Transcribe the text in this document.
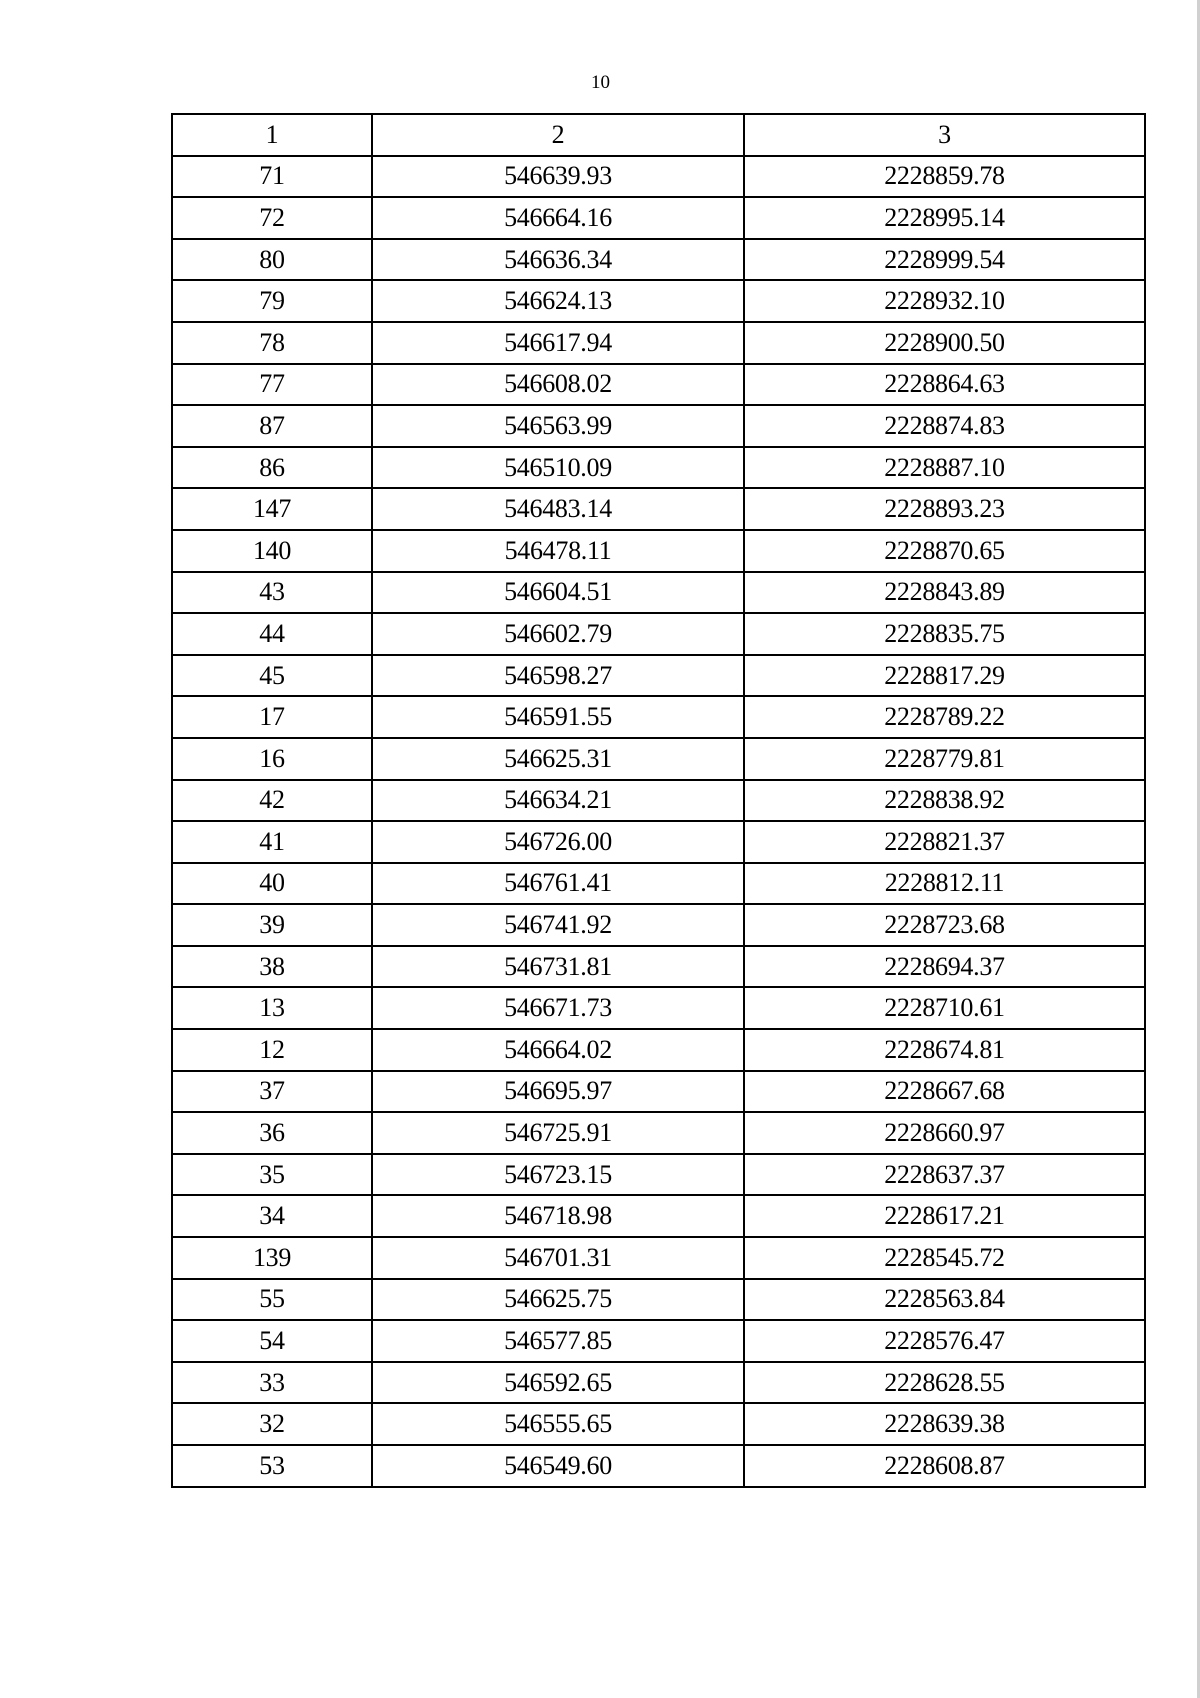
10
1	2	3
71	546639.93	2228859.78
72	546664.16	2228995.14
80	546636.34	2228999.54
79	546624.13	2228932.10
78	546617.94	2228900.50
77	546608.02	2228864.63
87	546563.99	2228874.83
86	546510.09	2228887.10
147	546483.14	2228893.23
140	546478.11	2228870.65
43	546604.51	2228843.89
44	546602.79	2228835.75
45	546598.27	2228817.29
17	546591.55	2228789.22
16	546625.31	2228779.81
42	546634.21	2228838.92
41	546726.00	2228821.37
40	546761.41	2228812.11
39	546741.92	2228723.68
38	546731.81	2228694.37
13	546671.73	2228710.61
12	546664.02	2228674.81
37	546695.97	2228667.68
36	546725.91	2228660.97
35	546723.15	2228637.37
34	546718.98	2228617.21
139	546701.31	2228545.72
55	546625.75	2228563.84
54	546577.85	2228576.47
33	546592.65	2228628.55
32	546555.65	2228639.38
53	546549.60	2228608.87
